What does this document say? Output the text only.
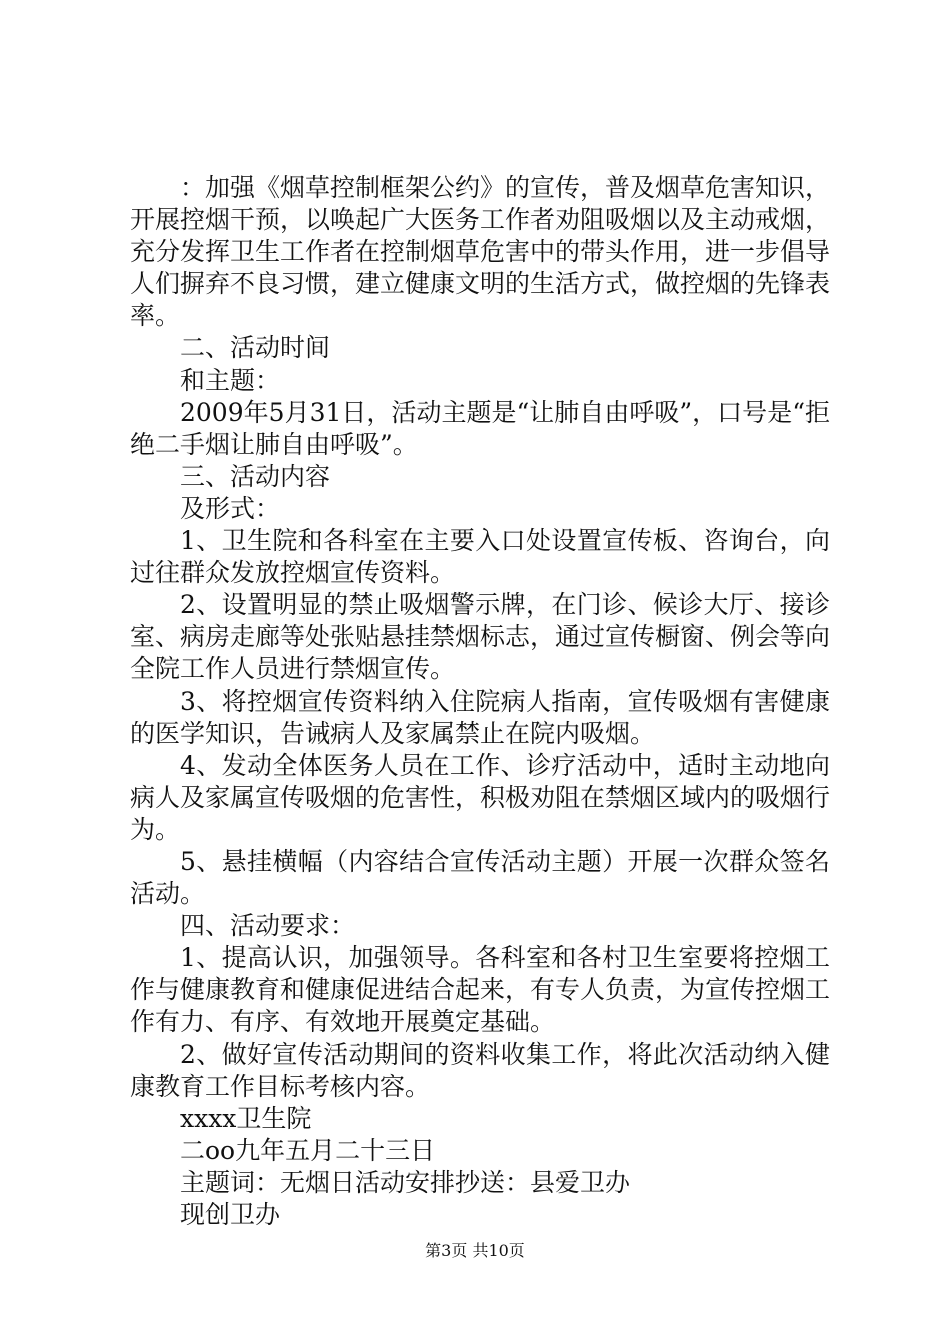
：加强《烟草控制框架公约》的宣传，普及烟草危害知识，开展控烟干预，以唤起广大医务工作者劝阻吸烟以及主动戒烟，充分发挥卫生工作者在控制烟草危害中的带头作用，进一步倡导人们摒弃不良习惯，建立健康文明的生活方式，做控烟的先锋表率。

二、活动时间

和主题：

2009年5月31日，活动主题是“让肺自由呼吸”，口号是“拒绝二手烟让肺自由呼吸”。

三、活动内容

及形式：

1、卫生院和各科室在主要入口处设置宣传板、咨询台，向过往群众发放控烟宣传资料。

2、设置明显的禁止吸烟警示牌，在门诊、候诊大厅、接诊室、病房走廊等处张贴悬挂禁烟标志，通过宣传橱窗、例会等向全院工作人员进行禁烟宣传。

3、将控烟宣传资料纳入住院病人指南，宣传吸烟有害健康的医学知识，告诫病人及家属禁止在院内吸烟。

4、发动全体医务人员在工作、诊疗活动中，适时主动地向病人及家属宣传吸烟的危害性，积极劝阻在禁烟区域内的吸烟行为。

5、悬挂横幅（内容结合宣传活动主题）开展一次群众签名活动。

四、活动要求：

1、提高认识，加强领导。各科室和各村卫生室要将控烟工作与健康教育和健康促进结合起来，有专人负责，为宣传控烟工作有力、有序、有效地开展奠定基础。

2、做好宣传活动期间的资料收集工作，将此次活动纳入健康教育工作目标考核内容。

xxxx卫生院

二oo九年五月二十三日

主题词：无烟日活动安排抄送：县爱卫办

现创卫办

第3页 共10页
